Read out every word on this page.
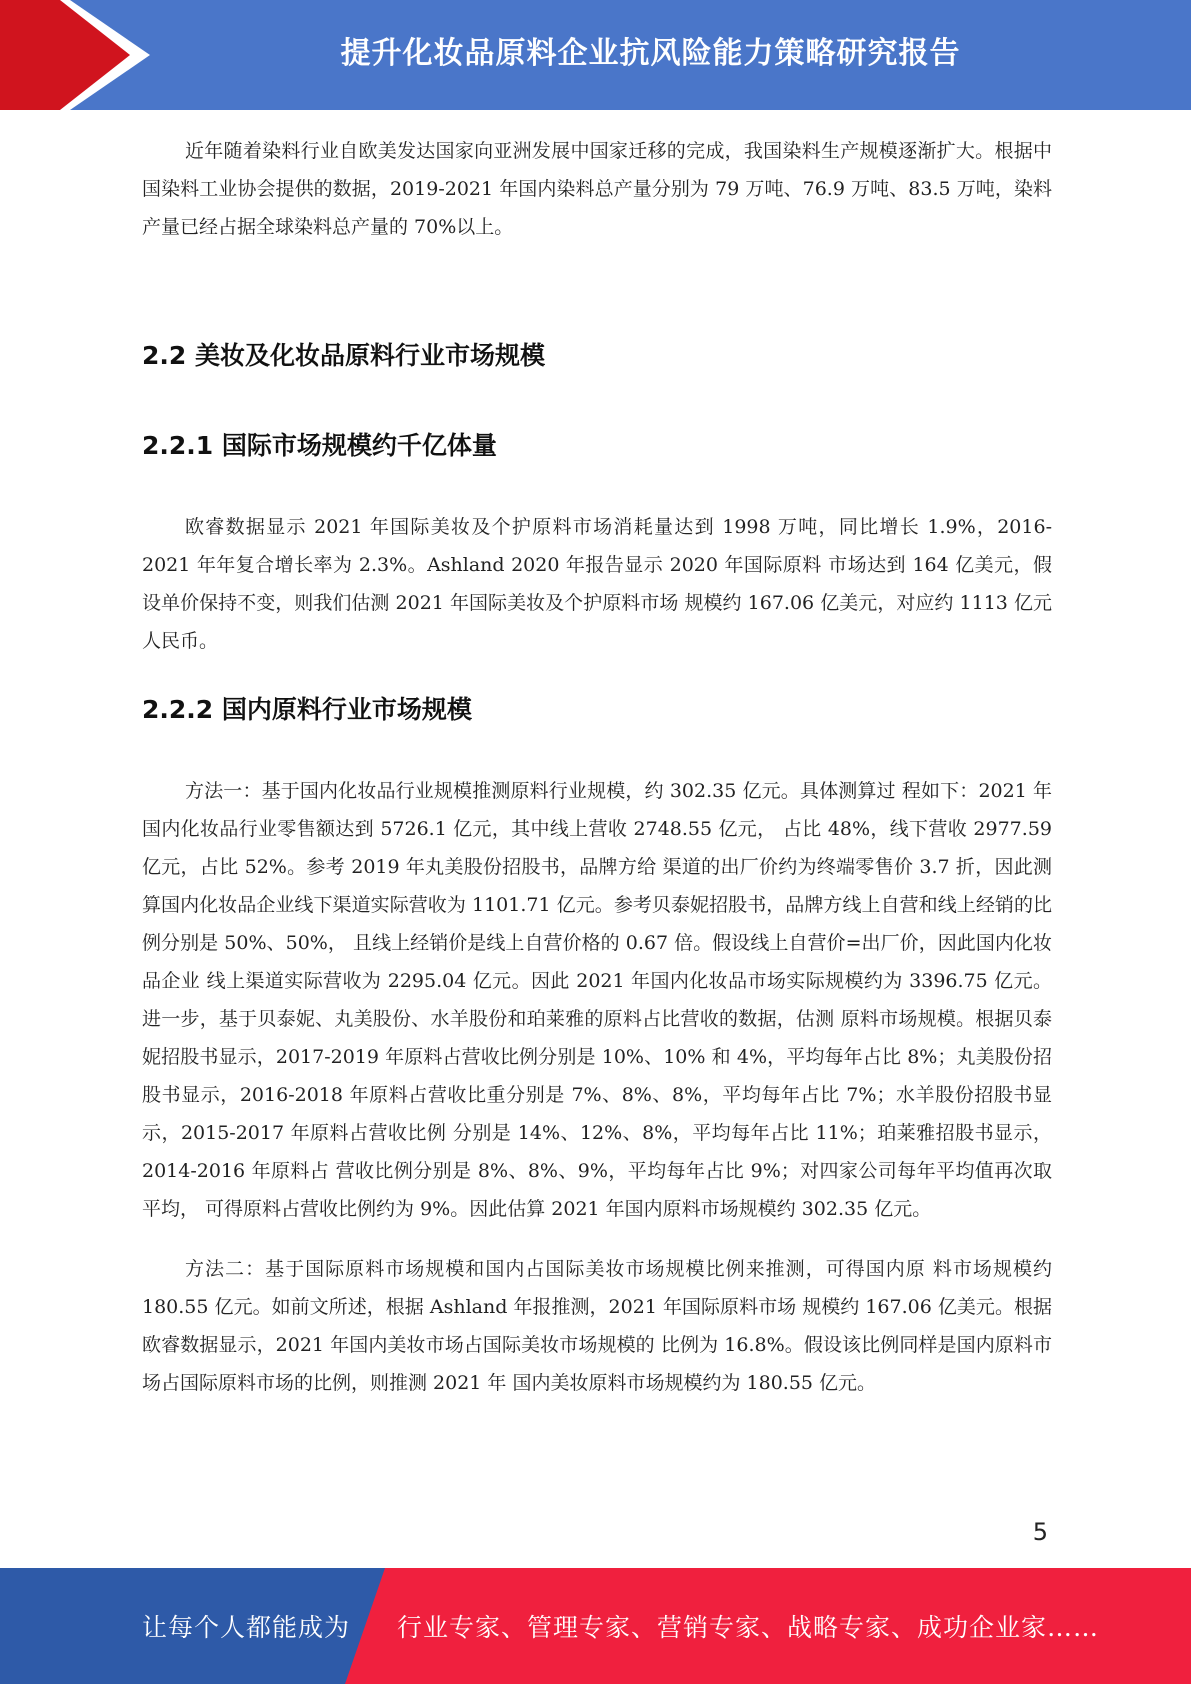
提升化妆品原料企业抗风险能力策略研究报告

近年随着染料行业自欧美发达国家向亚洲发展中国家迁移的完成，我国染料生产规模逐渐扩大。根据中国染料工业协会提供的数据，2019-2021 年国内染料总产量分别为 79 万吨、76.9 万吨、83.5 万吨，染料产量已经占据全球染料总产量的 70%以上。

2.2 美妆及化妆品原料行业市场规模
2.2.1 国际市场规模约千亿体量

欧睿数据显示 2021 年国际美妆及个护原料市场消耗量达到 1998 万吨，同比增长 1.9%，2016-2021 年年复合增长率为 2.3%。Ashland 2020 年报告显示 2020 年国际原料 市场达到 164 亿美元，假设单价保持不变，则我们估测 2021 年国际美妆及个护原料市场 规模约 167.06 亿美元，对应约 1113 亿元人民币。

2.2.2 国内原料行业市场规模

方法一：基于国内化妆品行业规模推测原料行业规模，约 302.35 亿元。具体测算过 程如下：2021 年国内化妆品行业零售额达到 5726.1 亿元，其中线上营收 2748.55 亿元， 占比 48%，线下营收 2977.59 亿元，占比 52%。参考 2019 年丸美股份招股书，品牌方给 渠道的出厂价约为终端零售价 3.7 折，因此测算国内化妆品企业线下渠道实际营收为 1101.71 亿元。参考贝泰妮招股书，品牌方线上自营和线上经销的比例分别是 50%、50%， 且线上经销价是线上自营价格的 0.67 倍。假设线上自营价=出厂价，因此国内化妆品企业 线上渠道实际营收为 2295.04 亿元。因此 2021 年国内化妆品市场实际规模约为 3396.75 亿元。进一步，基于贝泰妮、丸美股份、水羊股份和珀莱雅的原料占比营收的数据，估测 原料市场规模。根据贝泰妮招股书显示，2017-2019 年原料占营收比例分别是 10%、10% 和 4%，平均每年占比 8%；丸美股份招股书显示，2016-2018 年原料占营收比重分别是 7%、8%、8%，平均每年占比 7%；水羊股份招股书显示，2015-2017 年原料占营收比例 分别是 14%、12%、8%，平均每年占比 11%；珀莱雅招股书显示，2014-2016 年原料占 营收比例分别是 8%、8%、9%，平均每年占比 9%；对四家公司每年平均值再次取平均， 可得原料占营收比例约为 9%。因此估算 2021 年国内原料市场规模约 302.35 亿元。

方法二：基于国际原料市场规模和国内占国际美妆市场规模比例来推测，可得国内原 料市场规模约 180.55 亿元。如前文所述，根据 Ashland 年报推测，2021 年国际原料市场 规模约 167.06 亿美元。根据欧睿数据显示，2021 年国内美妆市场占国际美妆市场规模的 比例为 16.8%。假设该比例同样是国内原料市场占国际原料市场的比例，则推测 2021 年 国内美妆原料市场规模约为 180.55 亿元。

5
让每个人都能成为 行业专家、管理专家、营销专家、战略专家、成功企业家……
